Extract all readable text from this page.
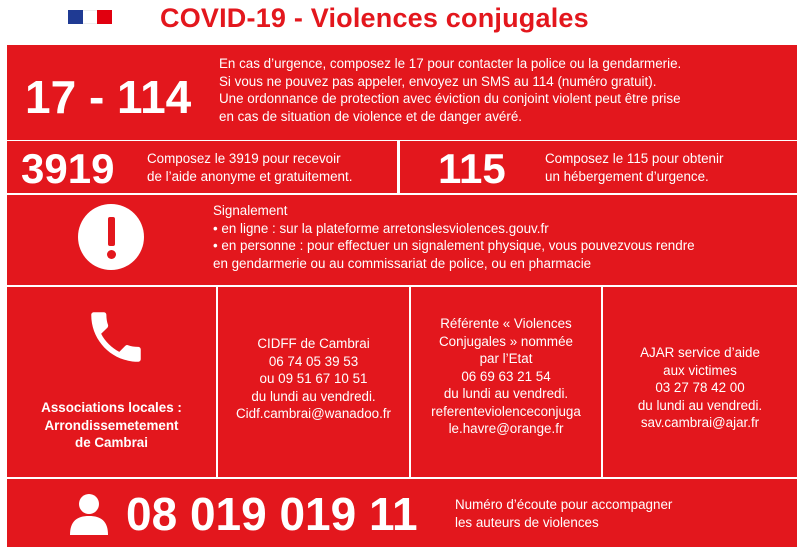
COVID-19 - Violences conjugales
17 - 114
En cas d’urgence, composez le 17 pour contacter la police ou la gendarmerie.
Si vous ne pouvez pas appeler, envoyez un SMS au 114 (numéro gratuit).
Une ordonnance de protection avec éviction du conjoint violent peut être prise
en cas de situation de violence et de danger avéré.
3919 Composez le 3919 pour recevoir
de l’aide anonyme et gratuitement.	115	Composez le 115 pour obtenir
un hébergement d’urgence.
Signalement
• en ligne : sur la plateforme arretonslesviolences.gouv.fr
• en personne : pour effectuer un signalement physique, vous pouvezvous rendre
en gendarmerie ou au commissariat de police, ou en pharmacie
Associations locales :
Arrondissemetement
de Cambrai
CIDFF de Cambrai
06 74 05 39 53
ou 09 51 67 10 51
du lundi au vendredi.
Cidf.cambrai@wanadoo.fr
Référente « Violences
Conjugales » nommée
par l’Etat
06 69 63 21 54
du lundi au vendredi.
referenteviolenceconjuga
le.havre@orange.fr
AJAR service d’aide
aux victimes
03 27 78 42 00
du lundi au vendredi.
sav.cambrai@ajar.fr
08 019 019 11	Numéro d’écoute pour accompagner
les auteurs de violences
